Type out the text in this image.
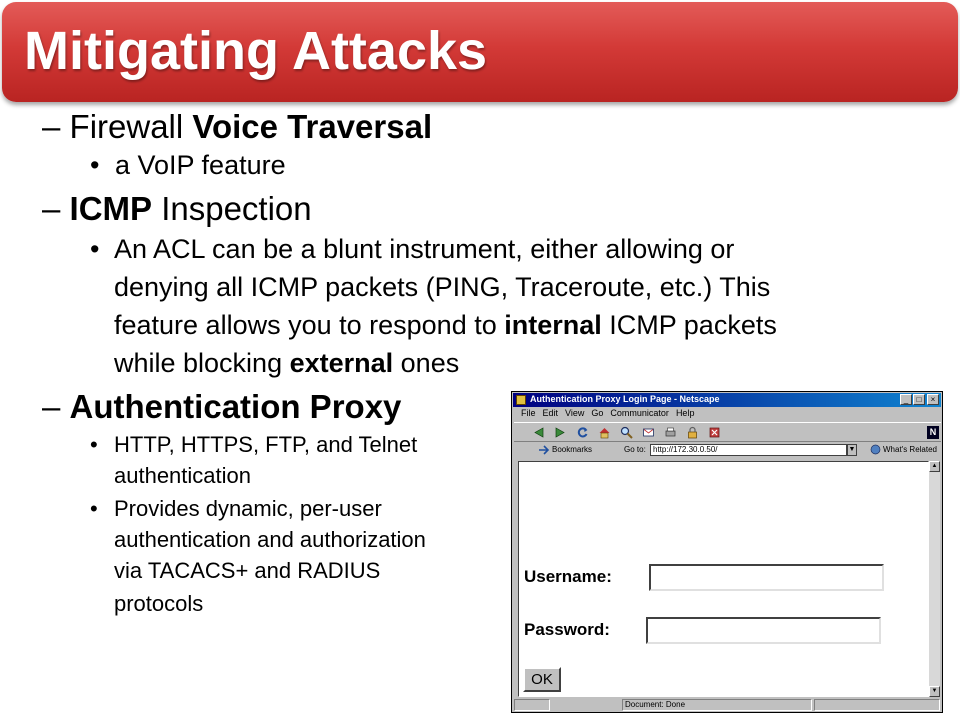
Mitigating Attacks
– Firewall Voice Traversal
• a VoIP feature
– ICMP Inspection
• An ACL can be a blunt instrument, either allowing or
denying all ICMP packets (PING, Traceroute, etc.) This
feature allows you to respond to internal ICMP packets
while blocking external ones
– Authentication Proxy
• HTTP, HTTPS, FTP, and Telnet
authentication
• Provides dynamic, per-user
authentication and authorization
via TACACS+ and RADIUS
protocols
Authentication Proxy Login Page - Netscape	_	□	×
File Edit View Go Communicator Help
N
Bookmarks	Go to: http://172.30.0.50/	▼	What's Related
Username:
Password:
OK
▲
▼
Document: Done
